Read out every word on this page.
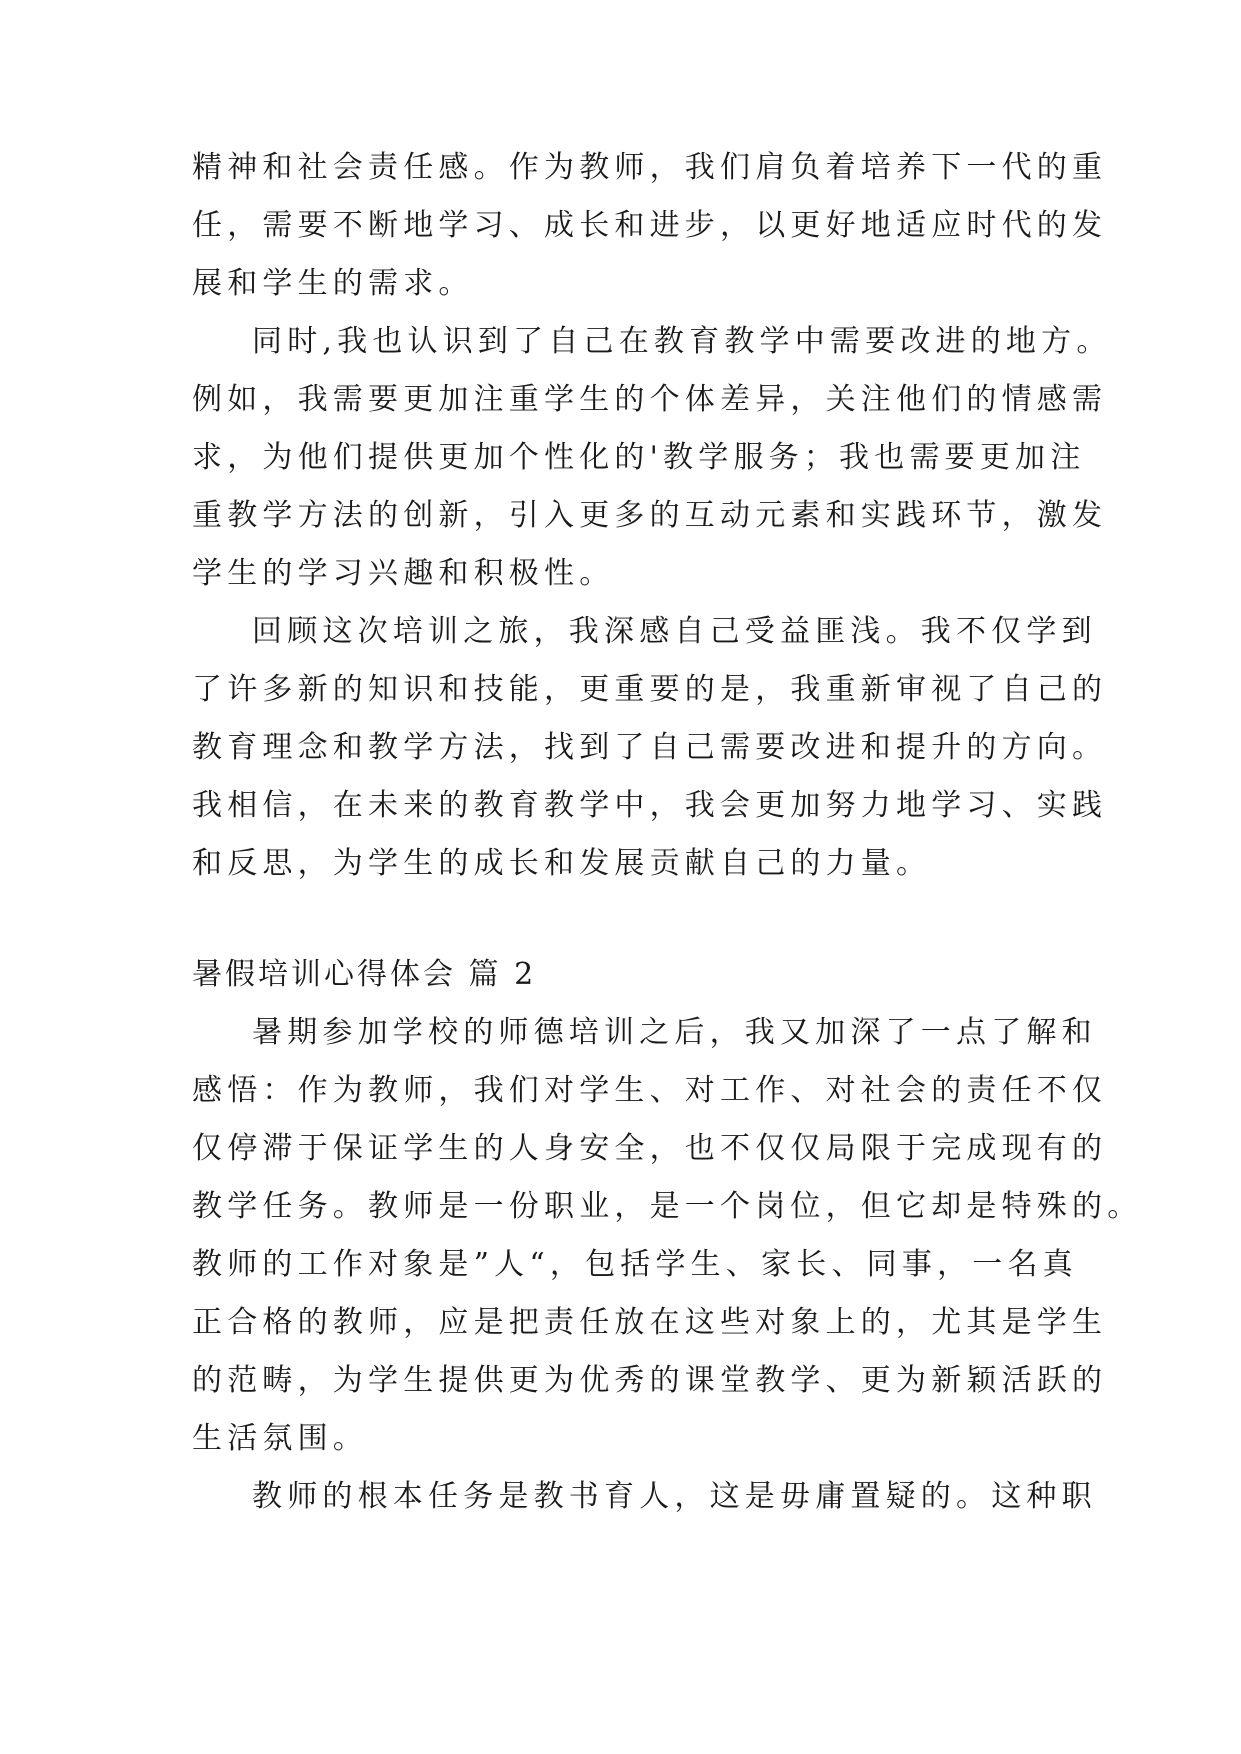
精神和社会责任感。作为教师，我们肩负着培养下一代的重

任，需要不断地学习、成长和进步，以更好地适应时代的发

展和学生的需求。

同时,我也认识到了自己在教育教学中需要改进的地方。

例如，我需要更加注重学生的个体差异，关注他们的情感需

求，为他们提供更加个性化的'教学服务；我也需要更加注

重教学方法的创新，引入更多的互动元素和实践环节，激发

学生的学习兴趣和积极性。

回顾这次培训之旅，我深感自己受益匪浅。我不仅学到

了许多新的知识和技能，更重要的是，我重新审视了自己的

教育理念和教学方法，找到了自己需要改进和提升的方向。

我相信，在未来的教育教学中，我会更加努力地学习、实践

和反思，为学生的成长和发展贡献自己的力量。

暑假培训心得体会 篇 2

暑期参加学校的师德培训之后，我又加深了一点了解和

感悟：作为教师，我们对学生、对工作、对社会的责任不仅

仅停滞于保证学生的人身安全，也不仅仅局限于完成现有的

教学任务。教师是一份职业，是一个岗位，但它却是特殊的。

教师的工作对象是”人“，包括学生、家长、同事，一名真

正合格的教师，应是把责任放在这些对象上的，尤其是学生

的范畴，为学生提供更为优秀的课堂教学、更为新颖活跃的

生活氛围。

教师的根本任务是教书育人，这是毋庸置疑的。这种职
